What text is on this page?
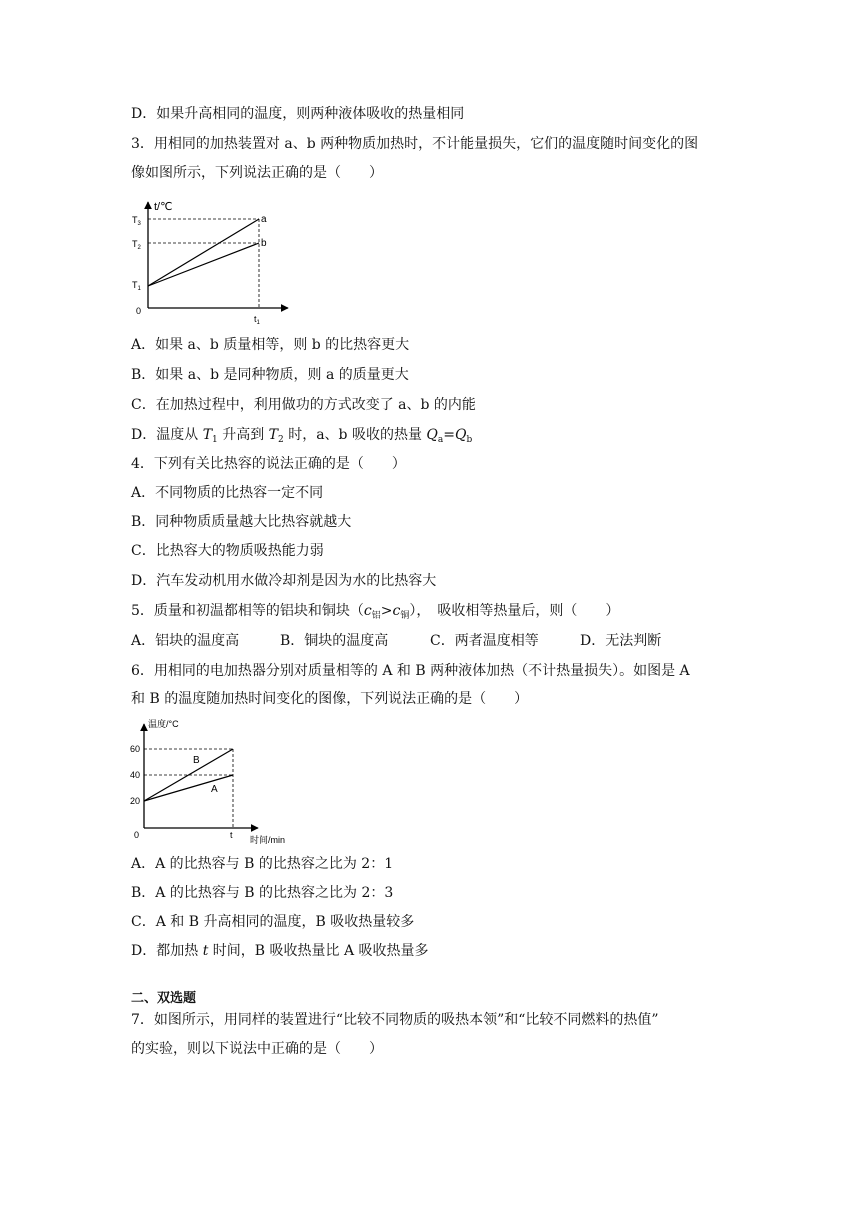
D．如果升高相同的温度，则两种液体吸收的热量相同
3．用相同的加热装置对 a、b 两种物质加热时，不计能量损失，它们的温度随时间变化的图
像如图所示，下列说法正确的是（　　）
t/℃
$T_3$
$T_2$
$T_1$
0
$t_1$
a
b
A．如果 a、b 质量相等，则 b 的比热容更大
B．如果 a、b 是同种物质，则 a 的质量更大
C．在加热过程中，利用做功的方式改变了 a、b 的内能
D．温度从 $T_1$ 升高到 $T_2$ 时，a、b 吸收的热量 $Q_a=Q_b$
4．下列有关比热容的说法正确的是（　　）
A．不同物质的比热容一定不同
B．同种物质质量越大比热容就越大
C．比热容大的物质吸热能力弱
D．汽车发动机用水做冷却剂是因为水的比热容大
5．质量和初温都相等的铝块和铜块$(c_铝>c_铜)$，　吸收相等热量后，则（　　）
A．铝块的温度高	B．铜块的温度高	C．两者温度相等	D．无法判断
6．用相同的电加热器分别对质量相等的 A 和 B 两种液体加热（不计热量损失）。如图是 A
和 B 的温度随加热时间变化的图像，下列说法正确的是（　　）
温度/°C
60
40
20
0	t 时间/min
B
A
A．A 的比热容与 B 的比热容之比为 2：1
B．A 的比热容与 B 的比热容之比为 2：3
C．A 和 B 升高相同的温度，B 吸收热量较多
D．都加热 t 时间，B 吸收热量比 A 吸收热量多
二、双选题
7．如图所示，用同样的装置进行“比较不同物质的吸热本领”和“比较不同燃料的热值”
的实验，则以下说法中正确的是（　　）
